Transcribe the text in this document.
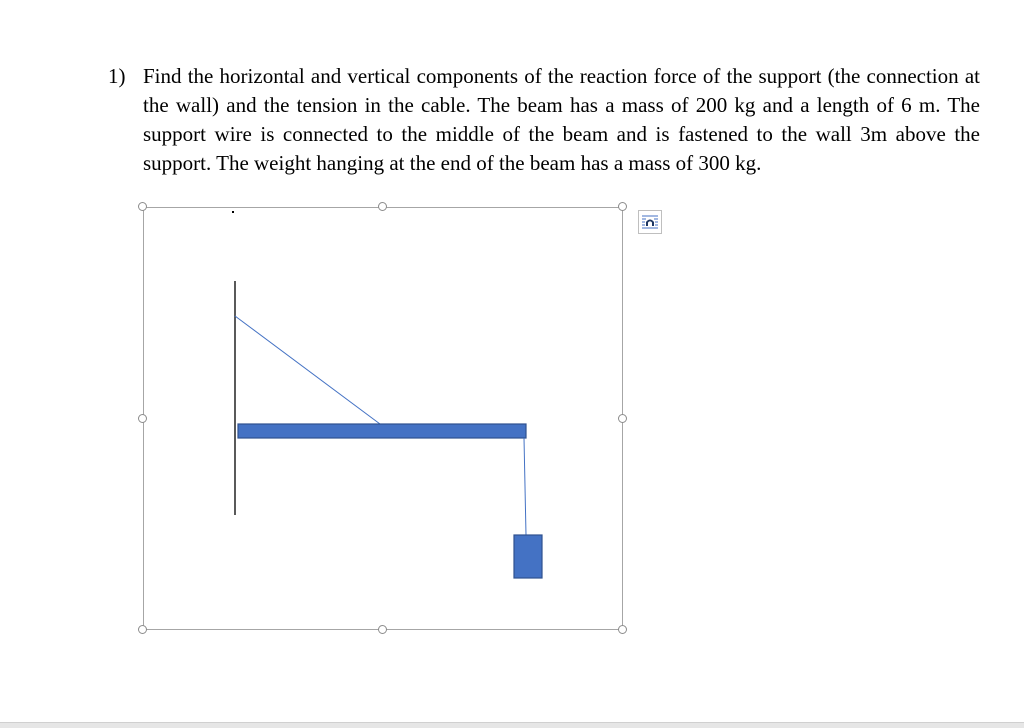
1) Find the horizontal and vertical components of the reaction force of the support (the connection at the wall) and the tension in the cable. The beam has a mass of 200 kg and a length of 6 m. The support wire is connected to the middle of the beam and is fastened to the wall 3m above the support. The weight hanging at the end of the beam has a mass of 300 kg.
